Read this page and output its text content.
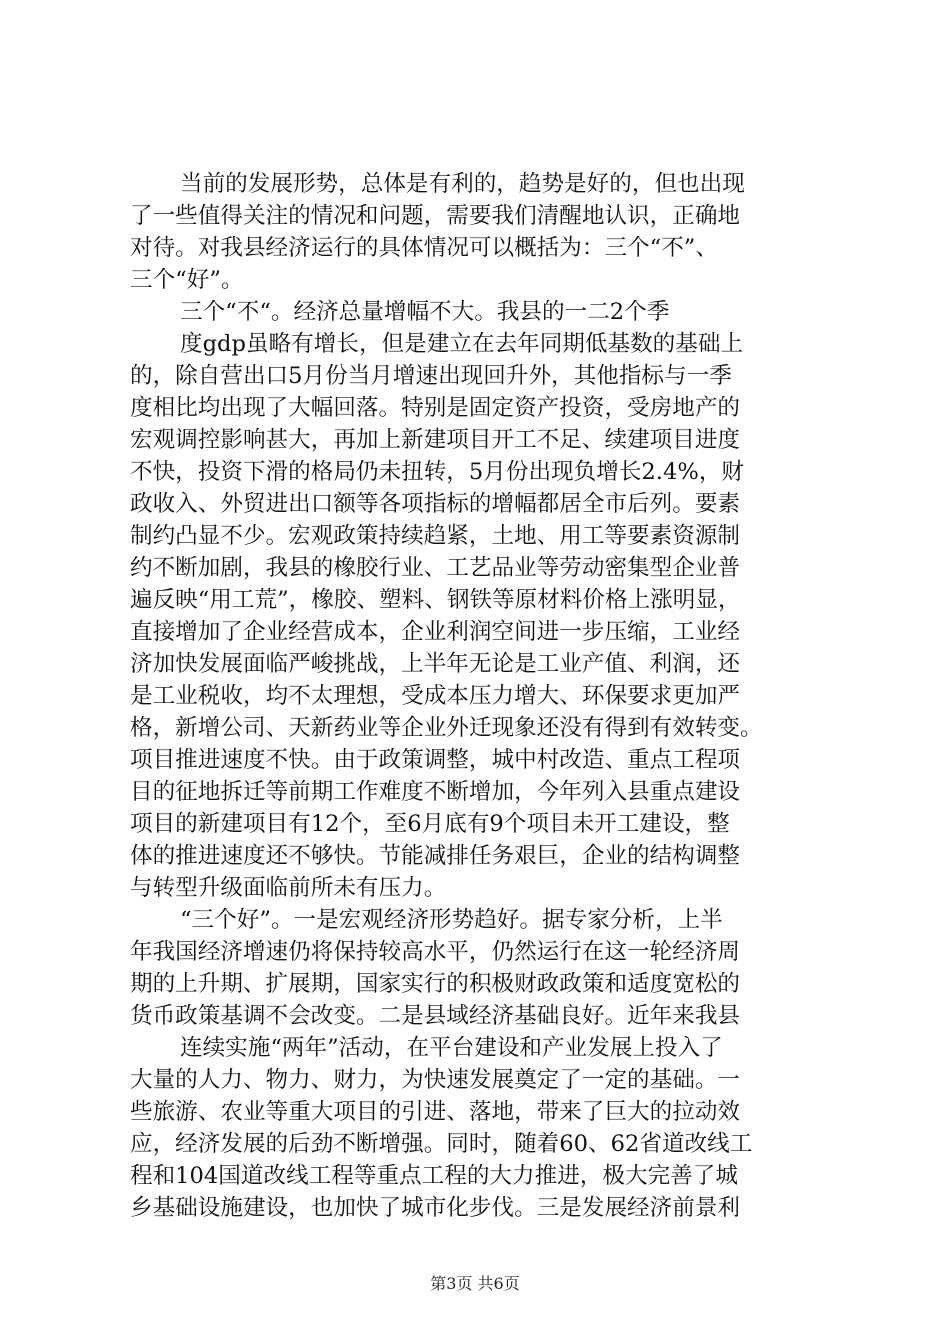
当前的发展形势，总体是有利的，趋势是好的，但也出现
了一些值得关注的情况和问题，需要我们清醒地认识，正确地
对待。对我县经济运行的具体情况可以概括为：三个“不”、
三个“好”。
三个“不“。经济总量增幅不大。我县的一二2个季
度gdp虽略有增长，但是建立在去年同期低基数的基础上
的，除自营出口5月份当月增速出现回升外，其他指标与一季
度相比均出现了大幅回落。特别是固定资产投资，受房地产的
宏观调控影响甚大，再加上新建项目开工不足、续建项目进度
不快，投资下滑的格局仍未扭转，5月份出现负增长2.4%，财
政收入、外贸进出口额等各项指标的增幅都居全市后列。要素
制约凸显不少。宏观政策持续趋紧，土地、用工等要素资源制
约不断加剧，我县的橡胶行业、工艺品业等劳动密集型企业普
遍反映“用工荒”，橡胶、塑料、钢铁等原材料价格上涨明显，
直接增加了企业经营成本，企业利润空间进一步压缩，工业经
济加快发展面临严峻挑战，上半年无论是工业产值、利润，还
是工业税收，均不太理想，受成本压力增大、环保要求更加严
格，新增公司、天新药业等企业外迁现象还没有得到有效转变。
项目推进速度不快。由于政策调整，城中村改造、重点工程项
目的征地拆迁等前期工作难度不断增加，今年列入县重点建设
项目的新建项目有12个，至6月底有9个项目未开工建设，整
体的推进速度还不够快。节能减排任务艰巨，企业的结构调整
与转型升级面临前所未有压力。
“三个好”。一是宏观经济形势趋好。据专家分析，上半
年我国经济增速仍将保持较高水平，仍然运行在这一轮经济周
期的上升期、扩展期，国家实行的积极财政政策和适度宽松的
货币政策基调不会改变。二是县域经济基础良好。近年来我县
连续实施“两年”活动，在平台建设和产业发展上投入了
大量的人力、物力、财力，为快速发展奠定了一定的基础。一
些旅游、农业等重大项目的引进、落地，带来了巨大的拉动效
应，经济发展的后劲不断增强。同时，随着60、62省道改线工
程和104国道改线工程等重点工程的大力推进，极大完善了城
乡基础设施建设，也加快了城市化步伐。三是发展经济前景利
第3页 共6页
